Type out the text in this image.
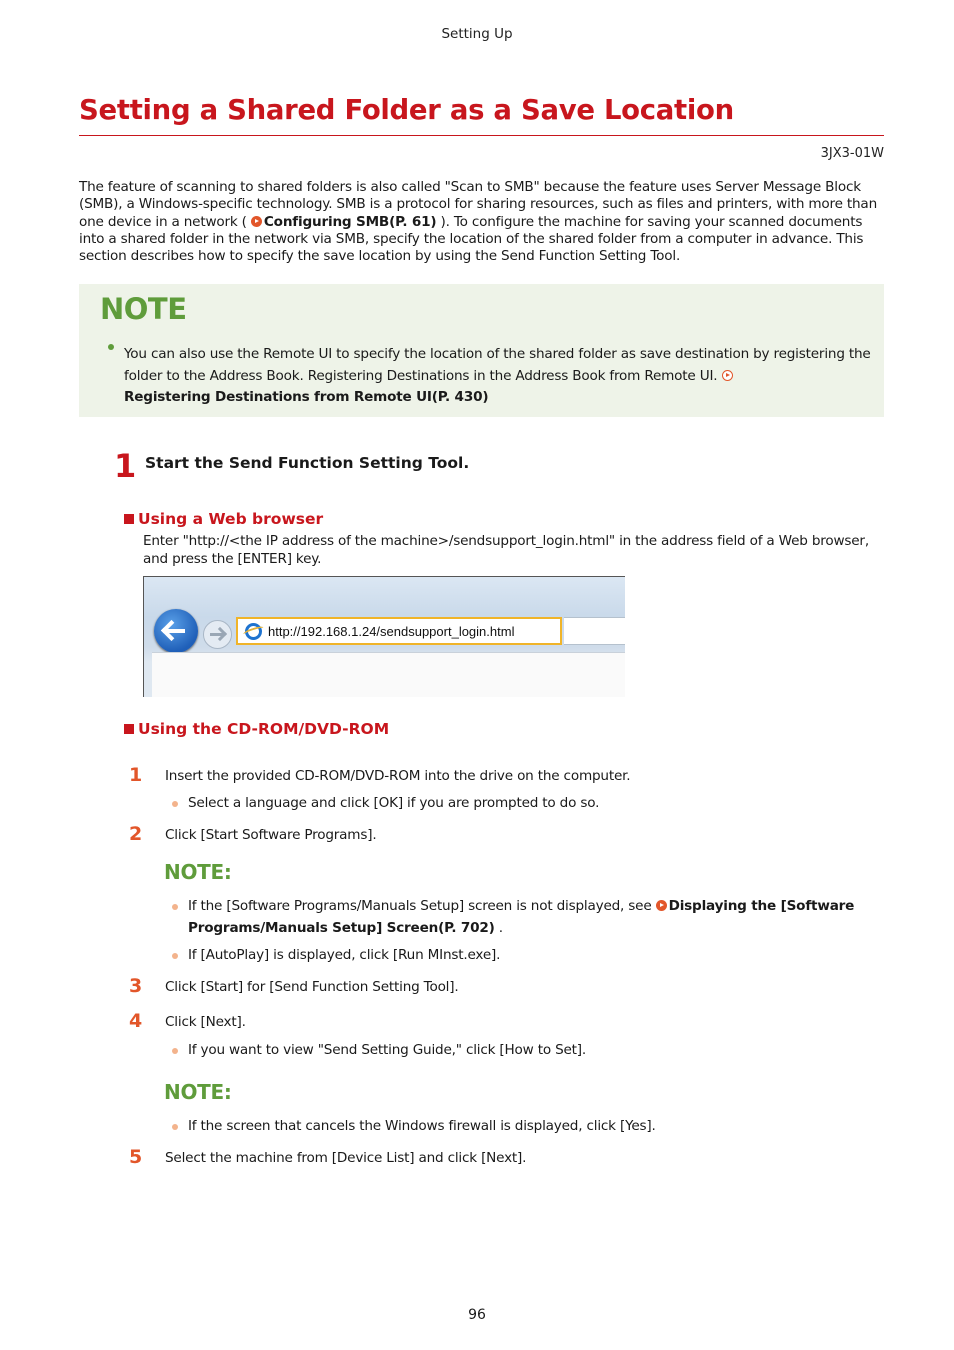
Setting Up
Setting a Shared Folder as a Save Location
3JX3-01W

The feature of scanning to shared folders is also called "Scan to SMB" because the feature uses Server Message Block (SMB), a Windows-specific technology. SMB is a protocol for sharing resources, such as files and printers, with more than one device in a network ( Configuring SMB(P. 61) ). To configure the machine for saving your scanned documents into a shared folder in the network via SMB, specify the location of the shared folder from a computer in advance. This section describes how to specify the save location by using the Send Function Setting Tool.

NOTE

You can also use the Remote UI to specify the location of the shared folder as save destination by registering the folder to the Address Book. Registering Destinations in the Address Book from Remote UI.
Registering Destinations from Remote UI(P. 430)

1 Start the Send Function Setting Tool.
Using a Web browser

Enter "http://<the IP address of the machine>/sendsupport_login.html" in the address field of a Web browser, and press the [ENTER] key.

http://192.168.1.24/sendsupport_login.html
Using the CD-ROM/DVD-ROM
1 Insert the provided CD-ROM/DVD-ROM into the drive on the computer.

Select a language and click [OK] if you are prompted to do so.

2 Click [Start Software Programs].

NOTE:

If the [Software Programs/Manuals Setup] screen is not displayed, see Displaying the [Software

Programs/Manuals Setup] Screen(P. 702) .

If [AutoPlay] is displayed, click [Run MInst.exe].

3 Click [Start] for [Send Function Setting Tool].

4 Click [Next].

If you want to view "Send Setting Guide," click [How to Set].

NOTE:

If the screen that cancels the Windows firewall is displayed, click [Yes].

5 Select the machine from [Device List] and click [Next].

96
